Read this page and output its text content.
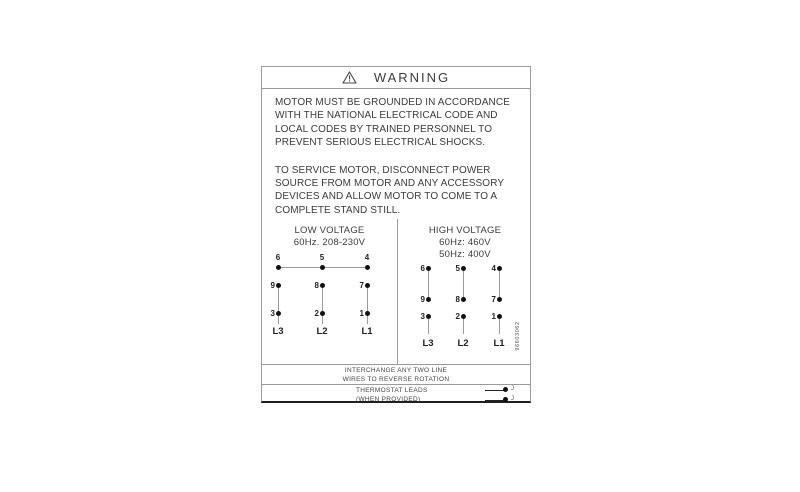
WARNING
MOTOR MUST BE GROUNDED IN ACCORDANCE
WITH THE NATIONAL ELECTRICAL CODE AND
LOCAL CODES BY TRAINED PERSONNEL TO
PREVENT SERIOUS ELECTRICAL SHOCKS.
TO SERVICE MOTOR, DISCONNECT POWER
SOURCE FROM MOTOR AND ANY ACCESSORY
DEVICES AND ALLOW MOTOR TO COME TO A
COMPLETE STAND STILL.
LOW VOLTAGE
60Hz. 208-230V
6	5	4
9	8	7
3	2	1
L3	L2	L1
HIGH VOLTAGE
60Hz: 460V
50Hz: 400V
6	5	4
9	8	7
3	2	1
L3	L2	L1	96603062
INTERCHANGE ANY TWO LINE
WIRES TO REVERSE ROTATION
THERMOSTAT LEADS
(WHEN PROVIDED)
J
J
